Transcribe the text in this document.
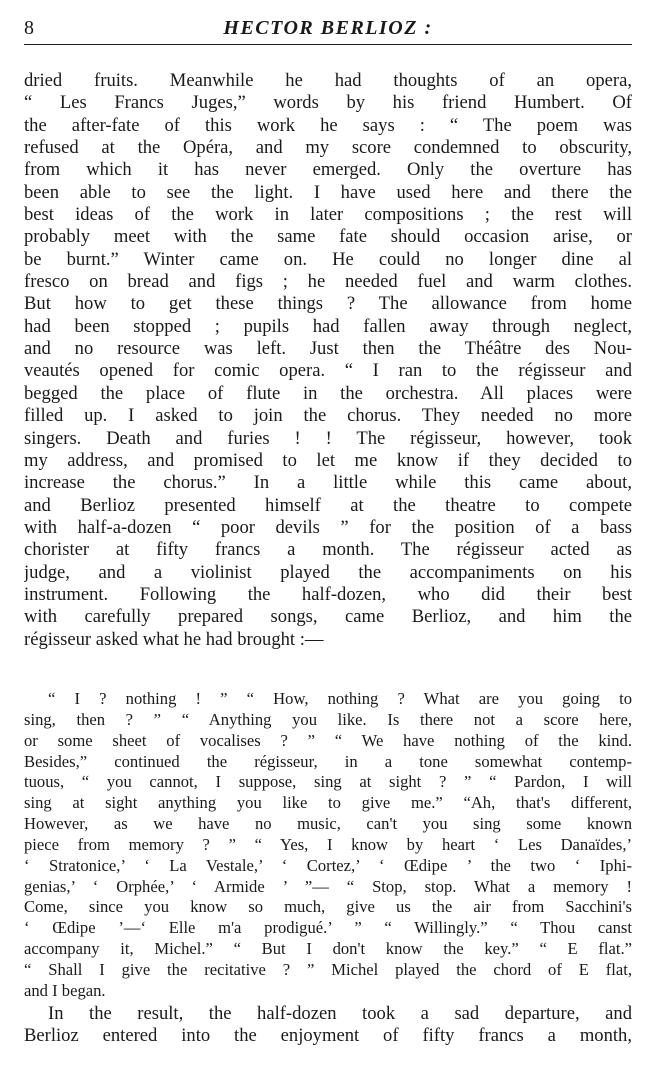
8	HECTOR BERLIOZ :
dried fruits. Meanwhile he had thoughts of an opera,
“ Les Francs Juges,” words by his friend Humbert. Of
the after-fate of this work he says : “ The poem was
refused at the Opéra, and my score condemned to obscurity,
from which it has never emerged. Only the overture has
been able to see the light. I have used here and there the
best ideas of the work in later compositions ; the rest will
probably meet with the same fate should occasion arise, or
be burnt.” Winter came on. He could no longer dine al
fresco on bread and figs ; he needed fuel and warm clothes.
But how to get these things ? The allowance from home
had been stopped ; pupils had fallen away through neglect,
and no resource was left. Just then the Théâtre des Nou-
veautés opened for comic opera. “ I ran to the régisseur and
begged the place of flute in the orchestra. All places were
filled up. I asked to join the chorus. They needed no more
singers. Death and furies ! ! The régisseur, however, took
my address, and promised to let me know if they decided to
increase the chorus.” In a little while this came about,
and Berlioz presented himself at the theatre to compete
with half-a-dozen “ poor devils ” for the position of a bass
chorister at fifty francs a month. The régisseur acted as
judge, and a violinist played the accompaniments on his
instrument. Following the half-dozen, who did their best
with carefully prepared songs, came Berlioz, and him the
régisseur asked what he had brought :—
“ I ? nothing ! ” “ How, nothing ? What are you going to
sing, then ? ” “ Anything you like. Is there not a score here,
or some sheet of vocalises ? ” “ We have nothing of the kind.
Besides,” continued the régisseur, in a tone somewhat contemp-
tuous, “ you cannot, I suppose, sing at sight ? ” “ Pardon, I will
sing at sight anything you like to give me.” “Ah, that's different,
However, as we have no music, can't you sing some known
piece from memory ? ” “ Yes, I know by heart ‘ Les Danaïdes,’
‘ Stratonice,’ ‘ La Vestale,’ ‘ Cortez,’ ‘ Œdipe ’ the two ‘ Iphi-
genias,’ ‘ Orphée,’ ‘ Armide ’ ”— “ Stop, stop. What a memory !
Come, since you know so much, give us the air from Sacchini's
‘ Œdipe ’—‘ Elle m'a prodigué.’ ” “ Willingly.” “ Thou canst
accompany it, Michel.” “ But I don't know the key.” “ E flat.”
“ Shall I give the recitative ? ” Michel played the chord of E flat,
and I began.
In the result, the half-dozen took a sad departure, and
Berlioz entered into the enjoyment of fifty francs a month,
